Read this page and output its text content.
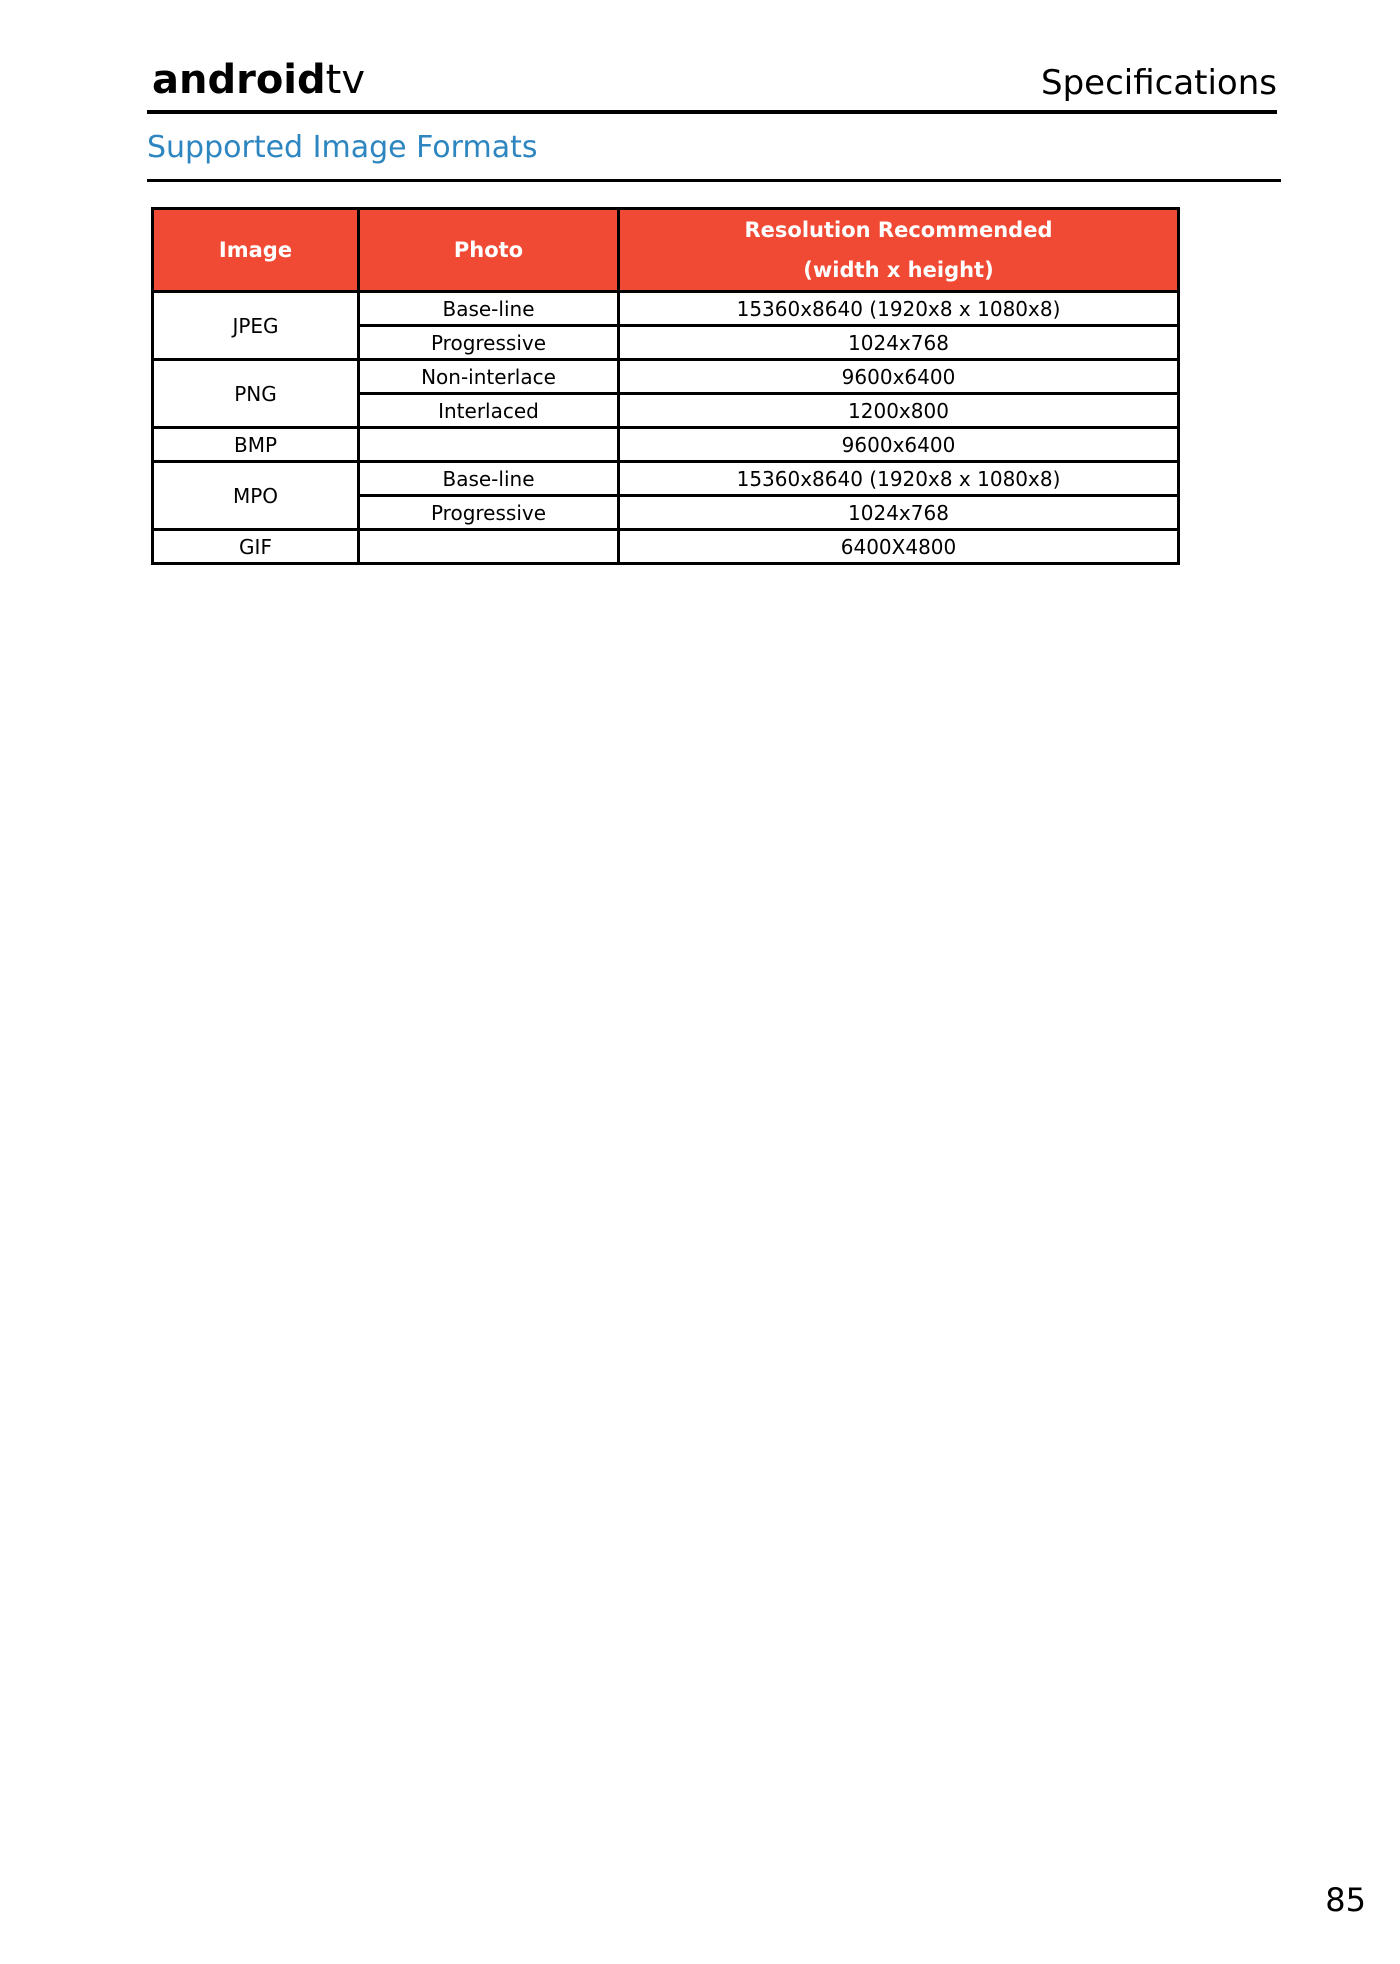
androidtv	Specifications
Supported Image Formats
Image	Photo	Resolution Recommended
(width x height)

JPEG	Base-line	15360x8640 (1920x8 x 1080x8)
	Progressive	1024x768
PNG	Non-interlace	9600x6400
	Interlaced	1200x800
BMP		9600x6400
MPO	Base-line	15360x8640 (1920x8 x 1080x8)
	Progressive	1024x768
GIF		6400X4800
85
